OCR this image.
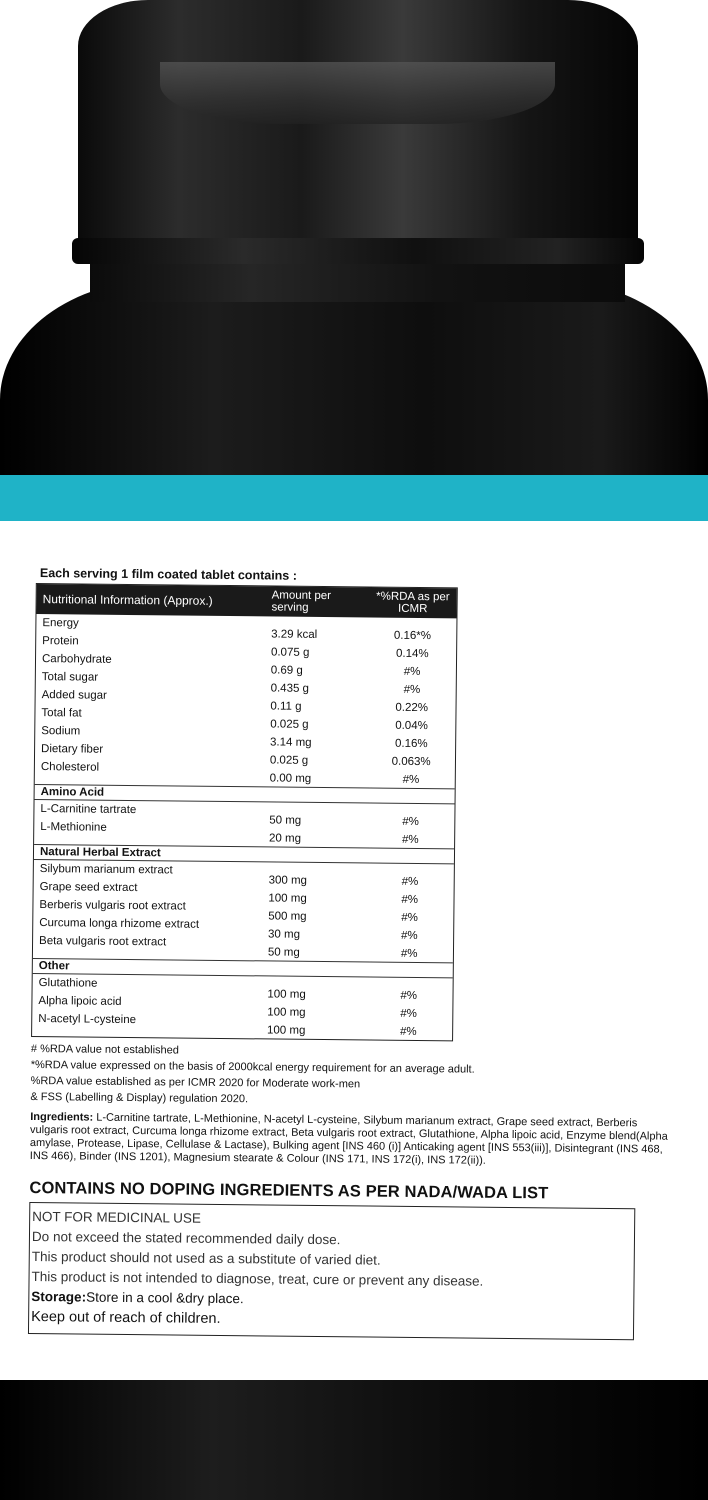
Each serving 1 film coated tablet contains :
Nutritional Information (Approx.)	Amount per serving
*%RDA as per ICMR
Energy
Protein
Carbohydrate
Total sugar
Added sugar
Total fat
Sodium
Dietary fiber
Cholesterol
3.29 kcal
0.075 g
0.69 g
0.435 g
0.11 g
0.025 g
3.14 mg
0.025 g
0.00 mg
0.16*%
0.14%
#%
#%
0.22%
0.04%
0.16%
0.063%
#%
Amino Acid
L-Carnitine tartrate
L-Methionine
50 mg
20 mg
#%
#%
Natural Herbal Extract
Silybum marianum extract
Grape seed extract
Berberis vulgaris root extract
Curcuma longa rhizome extract
Beta vulgaris root extract
300 mg
100 mg
500 mg
30 mg
50 mg
#%
#%
#%
#%
#%
Other
Glutathione
Alpha lipoic acid
N-acetyl L-cysteine
100 mg
100 mg
100 mg
#%
#%
#%
# %RDA value not established
*%RDA value expressed on the basis of 2000kcal energy requirement for an average adult.
%RDA value established as per ICMR 2020 for Moderate work-men
& FSS (Labelling & Display) regulation 2020.
Ingredients: L-Carnitine tartrate, L-Methionine, N-acetyl L-cysteine, Silybum marianum extract, Grape seed extract, Berberis vulgaris root extract, Curcuma longa rhizome extract, Beta vulgaris root extract, Glutathione, Alpha lipoic acid, Enzyme blend(Alpha amylase, Protease, Lipase, Cellulase & Lactase), Bulking agent [INS 460 (i)] Anticaking agent [INS 553(iii)], Disintegrant (INS 468, INS 466), Binder (INS 1201), Magnesium stearate & Colour (INS 171, INS 172(i), INS 172(ii)).
CONTAINS NO DOPING INGREDIENTS AS PER NADA/WADA LIST
NOT FOR MEDICINAL USE
Do not exceed the stated recommended daily dose.
This product should not used as a substitute of varied diet.
This product is not intended to diagnose, treat, cure or prevent any disease.
Storage:Store in a cool &dry place.
Keep out of reach of children.
